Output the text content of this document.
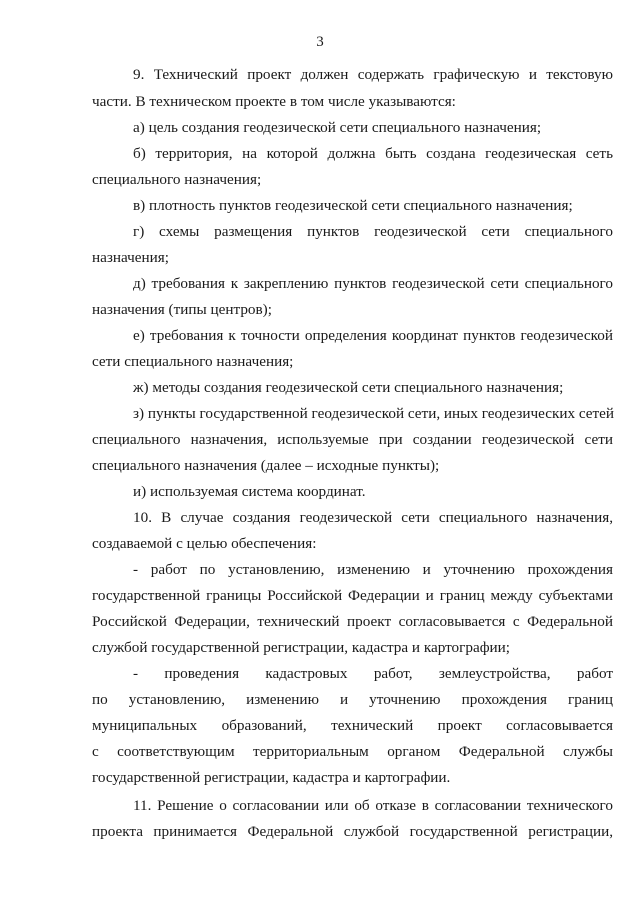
3
9. Технический проект должен содержать графическую и текстовую
части. В техническом проекте в том числе указываются:
а) цель создания геодезической сети специального назначения;
б) территория, на которой должна быть создана геодезическая сеть
специального назначения;
в) плотность пунктов геодезической сети специального назначения;
г) схемы размещения пунктов геодезической сети специального
назначения;
д) требования к закреплению пунктов геодезической сети специального
назначения (типы центров);
е) требования к точности определения координат пунктов геодезической
сети специального назначения;
ж) методы создания геодезической сети специального назначения;
з) пункты государственной геодезической сети, иных геодезических сетей
специального назначения, используемые при создании геодезической сети
специального назначения (далее – исходные пункты);
и) используемая система координат.
10. В случае создания геодезической сети специального назначения,
создаваемой с целью обеспечения:
- работ по установлению, изменению и уточнению прохождения
государственной границы Российской Федерации и границ между субъектами
Российской Федерации, технический проект согласовывается с Федеральной
службой государственной регистрации, кадастра и картографии;
- проведения кадастровых работ, землеустройства, работ
по установлению, изменению и уточнению прохождения границ
муниципальных образований, технический проект согласовывается
с соответствующим территориальным органом Федеральной службы
государственной регистрации, кадастра и картографии.
11. Решение о согласовании или об отказе в согласовании технического
проекта принимается Федеральной службой государственной регистрации,
